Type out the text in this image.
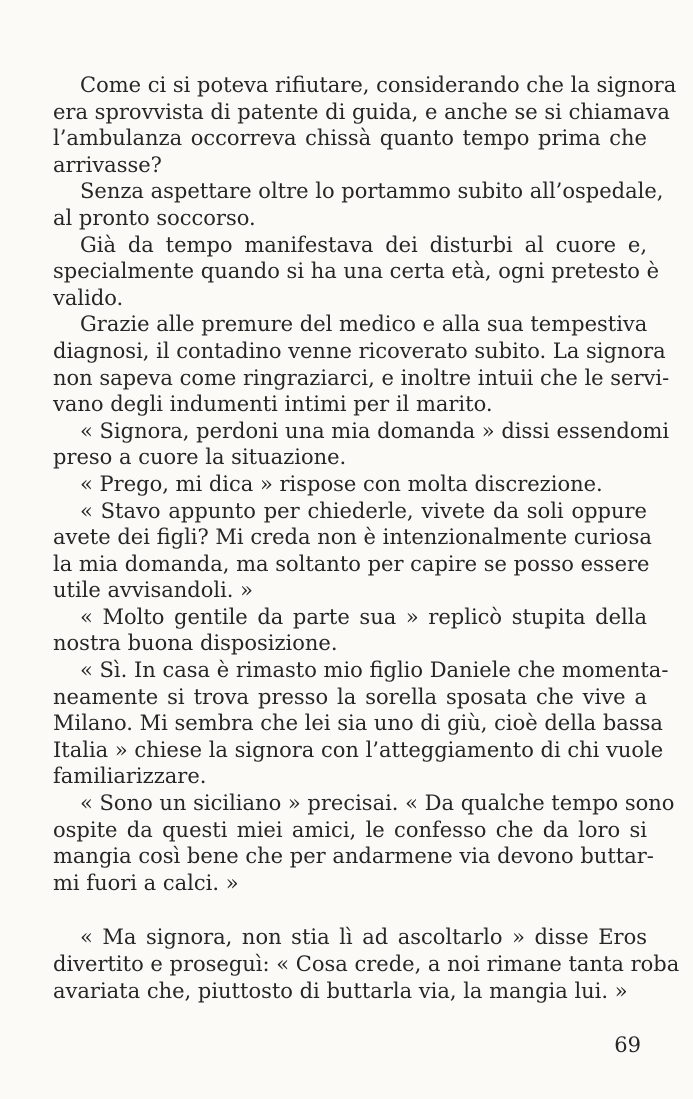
Come ci si poteva rifiutare, considerando che la signora
era sprovvista di patente di guida, e anche se si chiamava
l’ambulanza occorreva chissà quanto tempo prima che
arrivasse?
Senza aspettare oltre lo portammo subito all’ospedale,
al pronto soccorso.
Già da tempo manifestava dei disturbi al cuore e,
specialmente quando si ha una certa età, ogni pretesto è
valido.
Grazie alle premure del medico e alla sua tempestiva
diagnosi, il contadino venne ricoverato subito. La signora
non sapeva come ringraziarci, e inoltre intuii che le servi-
vano degli indumenti intimi per il marito.
« Signora, perdoni una mia domanda » dissi essendomi
preso a cuore la situazione.
« Prego, mi dica » rispose con molta discrezione.
« Stavo appunto per chiederle, vivete da soli oppure
avete dei figli? Mi creda non è intenzionalmente curiosa
la mia domanda, ma soltanto per capire se posso essere
utile avvisandoli. »
« Molto gentile da parte sua » replicò stupita della
nostra buona disposizione.
« Sì. In casa è rimasto mio figlio Daniele che momenta-
neamente si trova presso la sorella sposata che vive a
Milano. Mi sembra che lei sia uno di giù, cioè della bassa
Italia » chiese la signora con l’atteggiamento di chi vuole
familiarizzare.
« Sono un siciliano » precisai. « Da qualche tempo sono
ospite da questi miei amici, le confesso che da loro si
mangia così bene che per andarmene via devono buttar-
mi fuori a calci. »
« Ma signora, non stia lì ad ascoltarlo » disse Eros
divertito e proseguì: « Cosa crede, a noi rimane tanta roba
avariata che, piuttosto di buttarla via, la mangia lui. »
69
